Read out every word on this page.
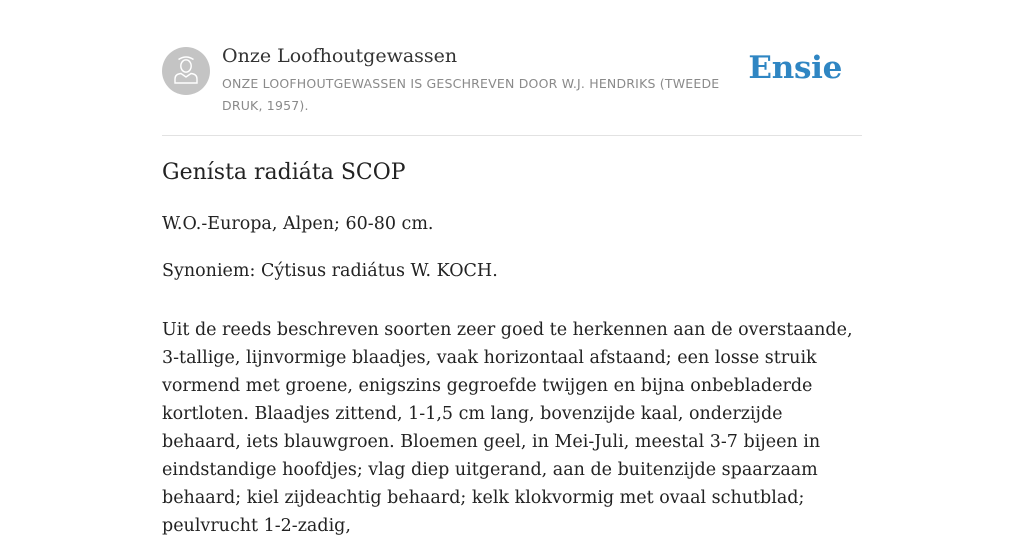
Onze Loofhoutgewassen
ONZE LOOFHOUTGEWASSEN IS GESCHREVEN DOOR W.J. HENDRIKS (TWEEDE DRUK, 1957).
Ensie
Genísta radiáta SCOP

W.O.-Europa, Alpen; 60-80 cm.

Synoniem: Cýtisus radiátus W. KOCH.

Uit de reeds beschreven soorten zeer goed te herkennen aan de overstaande, 3-tallige, lijnvormige blaadjes, vaak horizontaal afstaand; een losse struik vormend met groene, enigszins gegroefde twijgen en bijna onbebladerde kortloten. Blaadjes zittend, 1-1,5 cm lang, bovenzijde kaal, onderzijde behaard, iets blauwgroen. Bloemen geel, in Mei-Juli, meestal 3-7 bijeen in eindstandige hoofdjes; vlag diep uitgerand, aan de buitenzijde spaarzaam behaard; kiel zijdeachtig behaard; kelk klokvormig met ovaal schutblad; peulvrucht 1-2-zadig,
